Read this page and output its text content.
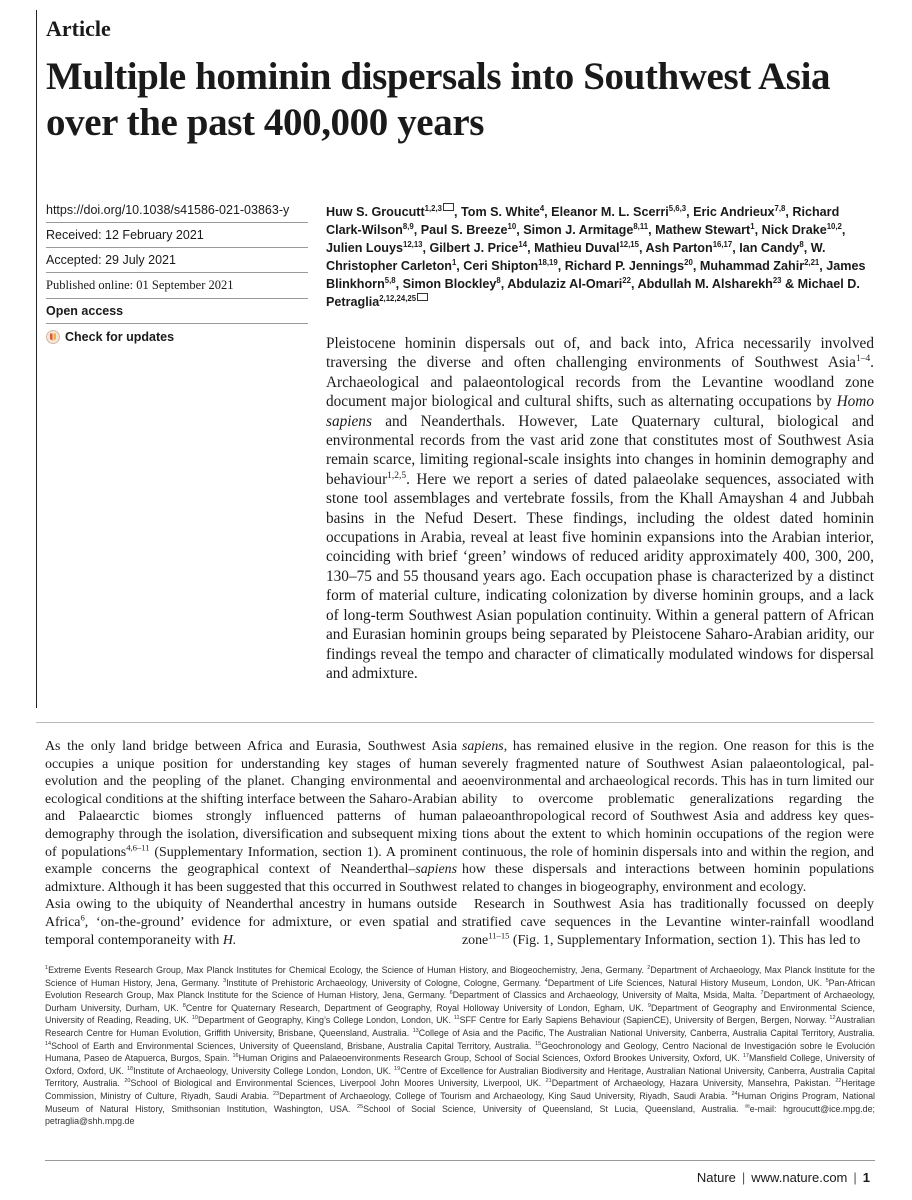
Article
Multiple hominin dispersals into Southwest Asia over the past 400,000 years
https://doi.org/10.1038/s41586-021-03863-y
Received: 12 February 2021
Accepted: 29 July 2021
Published online: 01 September 2021
Open access
Check for updates
Huw S. Groucutt$^{1,2,3}$ , Tom S. White$^4$, Eleanor M. L. Scerri$^{5,6,3}$, Eric Andrieux$^{7,8}$, Richard Clark-Wilson$^{8,9}$, Paul S. Breeze$^{10}$, Simon J. Armitage$^{8,11}$, Mathew Stewart$^1$, Nick Drake$^{10,2}$, Julien Louys$^{12,13}$, Gilbert J. Price$^{14}$, Mathieu Duval$^{12,15}$, Ash Parton$^{16,17}$, Ian Candy$^8$, W. Christopher Carleton$^1$, Ceri Shipton$^{18,19}$, Richard P. Jennings$^{20}$, Muhammad Zahir$^{2,21}$, James Blinkhorn$^{5,8}$, Simon Blockley$^8$, Abdulaziz Al-Omari$^{22}$, Abdullah M. Alsharekh$^{23}$ & Michael D. Petraglia$^{2,12,24,25}$

Pleistocene hominin dispersals out of, and back into, Africa necessarily involved traversing the diverse and often challenging environments of Southwest Asia$^{1-4}$. Archaeological and palaeontological records from the Levantine woodland zone document major biological and cultural shifts, such as alternating occupations by Homo sapiens and Neanderthals. However, Late Quaternary cultural, biological and environmental records from the vast arid zone that constitutes most of Southwest Asia remain scarce, limiting regional-scale insights into changes in hominin demography and behaviour$^{1,2,5}$. Here we report a series of dated palaeolake sequences, associated with stone tool assemblages and vertebrate fossils, from the Khall Amayshan 4 and Jubbah basins in the Nefud Desert. These findings, including the oldest dated hominin occupations in Arabia, reveal at least five hominin expansions into the Arabian interior, coinciding with brief ‘green’ windows of reduced aridity approximately 400, 300, 200, 130–75 and 55 thousand years ago. Each occupation phase is characterized by a distinct form of material culture, indicating colonization by diverse hominin groups, and a lack of long-term Southwest Asian population continuity. Within a general pattern of African and Eurasian hominin groups being separated by Pleistocene Saharo-Arabian aridity, our findings reveal the tempo and character of climatically modulated windows for dispersal and admixture.

As the only land bridge between Africa and Eurasia, Southwest Asia occupies a unique position for understanding key stages of human evolution and the peopling of the planet. Changing environmental and ecological conditions at the shifting interface between the Saharo-Arabian and Palaearctic biomes strongly influenced patterns of human demography through the isolation, diversification and subsequent mixing of populations$^{4,6-11}$ (Supplementary Information, section 1). A prominent example concerns the geographical context of Neanderthal–sapiens admixture. Although it has been suggested that this occurred in Southwest Asia owing to the ubiquity of Neanderthal ancestry in humans outside Africa$^6$, ‘on-the-ground’ evidence for admixture, or even spatial and temporal contemporaneity with H.

sapiens, has remained elusive in the region. One reason for this is the severely fragmented nature of Southwest Asian palaeontological, palaeoenvironmental and archaeological records. This has in turn limited our ability to overcome problematic generalizations regarding the palaeoanthropological record of Southwest Asia and address key questions about the extent to which hominin occupations of the region were continuous, the role of hominin dispersals into and within the region, and how these dispersals and interactions between hominin populations related to changes in biogeography, environment and ecology.

Research in Southwest Asia has traditionally focussed on deeply stratified cave sequences in the Levantine winter-rainfall woodland zone$^{11-15}$ (Fig. 1, Supplementary Information, section 1). This has led to

$^1$Extreme Events Research Group, Max Planck Institutes for Chemical Ecology, the Science of Human History, and Biogeochemistry, Jena, Germany. $^2$Department of Archaeology, Max Planck Institute for the Science of Human History, Jena, Germany. $^3$Institute of Prehistoric Archaeology, University of Cologne, Cologne, Germany. $^4$Department of Life Sciences, Natural History Museum, London, UK. $^5$Pan-African Evolution Research Group, Max Planck Institute for the Science of Human History, Jena, Germany. $^6$Department of Classics and Archaeology, University of Malta, Msida, Malta. $^7$Department of Archaeology, Durham University, Durham, UK. $^8$Centre for Quaternary Research, Department of Geography, Royal Holloway University of London, Egham, UK. $^9$Department of Geography and Environmental Science, University of Reading, Reading, UK. $^{10}$Department of Geography, King’s College London, London, UK. $^{11}$SFF Centre for Early Sapiens Behaviour (SapienCE), University of Bergen, Bergen, Norway. $^{12}$Australian Research Centre for Human Evolution, Griffith University, Brisbane, Queensland, Australia. $^{13}$College of Asia and the Pacific, The Australian National University, Canberra, Australia Capital Territory, Australia. $^{14}$School of Earth and Environmental Sciences, University of Queensland, Brisbane, Australia Capital Territory, Australia. $^{15}$Geochronology and Geology, Centro Nacional de Investigación sobre le Evolución Humana, Paseo de Atapuerca, Burgos, Spain. $^{16}$Human Origins and Palaeoenvironments Research Group, School of Social Sciences, Oxford Brookes University, Oxford, UK. $^{17}$Mansfield College, University of Oxford, Oxford, UK. $^{18}$Institute of Archaeology, University College London, London, UK. $^{19}$Centre of Excellence for Australian Biodiversity and Heritage, Australian National University, Canberra, Australia Capital Territory, Australia. $^{20}$School of Biological and Environmental Sciences, Liverpool John Moores University, Liverpool, UK. $^{21}$Department of Archaeology, Hazara University, Mansehra, Pakistan. $^{22}$Heritage Commission, Ministry of Culture, Riyadh, Saudi Arabia. $^{23}$Department of Archaeology, College of Tourism and Archaeology, King Saud University, Riyadh, Saudi Arabia. $^{24}$Human Origins Program, National Museum of Natural History, Smithsonian Institution, Washington, USA. $^{25}$School of Social Science, University of Queensland, St Lucia, Queensland, Australia. ✉e-mail: hgroucutt@ice.mpg.de; petraglia@shh.mpg.de

Nature | www.nature.com | 1
